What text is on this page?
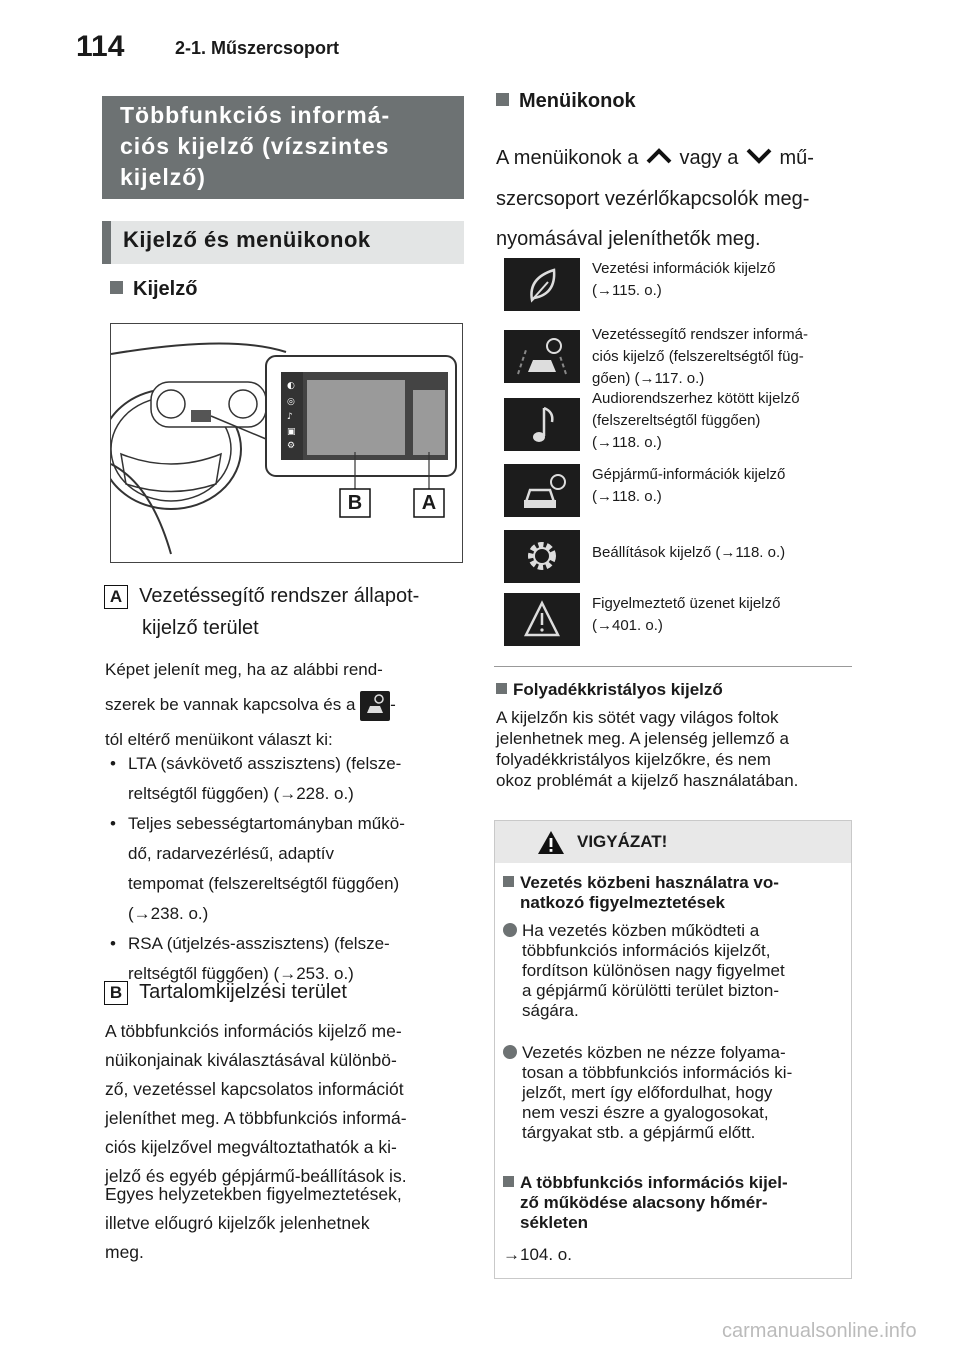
114	2-1. Műszercsoport
Többfunkciós informá-
ciós kijelző (vízszintes
kijelző)
Kijelző és menüikonok
Kijelző
◐
◎
♪
▣
⚙
B	A
A Vezetéssegítő rendszer állapot-
kijelző terület
Képet jelenít meg, ha az alábbi rend-
szerek be vannak kapcsolva és a -
tól eltérő menüikont választ ki:
• LTA (sávkövető asszisztens) (felsze-
reltségtől függően) (→228. o.)
• Teljes sebességtartományban műkö-
dő, radarvezérlésű, adaptív
tempomat (felszereltségtől függően)
(→238. o.)
• RSA (útjelzés-asszisztens) (felsze-
reltségtől függően) (→253. o.)
B Tartalomkijelzési terület
A többfunkciós információs kijelző me-
nüikonjainak kiválasztásával különbö-
ző, vezetéssel kapcsolatos információt
jeleníthet meg. A többfunkciós informá-
ciós kijelzővel megváltoztathatók a ki-
jelző és egyéb gépjármű-beállítások is.
Egyes helyzetekben figyelmeztetések,
illetve előugró kijelzők jelenhetnek
meg.
Menüikonok
A menüikonok a vagy a mű-
szercsoport vezérlőkapcsolók meg-
nyomásával jeleníthetők meg.
Vezetési információk kijelző
(→115. o.)
Vezetéssegítő rendszer informá-
ciós kijelző (felszereltségtől füg-
gően) (→117. o.)
Audiorendszerhez kötött kijelző
(felszereltségtől függően)
(→118. o.)
Gépjármű-információk kijelző
(→118. o.)
Beállítások kijelző (→118. o.)
Figyelmeztető üzenet kijelző
(→401. o.)
Folyadékkristályos kijelző
A kijelzőn kis sötét vagy világos foltok
jelenhetnek meg. A jelenség jellemző a
folyadékkristályos kijelzőkre, és nem
okoz problémát a kijelző használatában.
VIGYÁZAT!
Vezetés közbeni használatra vo-
natkozó figyelmeztetések
Ha vezetés közben működteti a
többfunkciós információs kijelzőt,
fordítson különösen nagy figyelmet
a gépjármű körülötti terület bizton-
ságára.
Vezetés közben ne nézze folyama-
tosan a többfunkciós információs ki-
jelzőt, mert így előfordulhat, hogy
nem veszi észre a gyalogosokat,
tárgyakat stb. a gépjármű előtt.
A többfunkciós információs kijel-
ző működése alacsony hőmér-
sékleten
→104. o.
carmanualsonline.info
